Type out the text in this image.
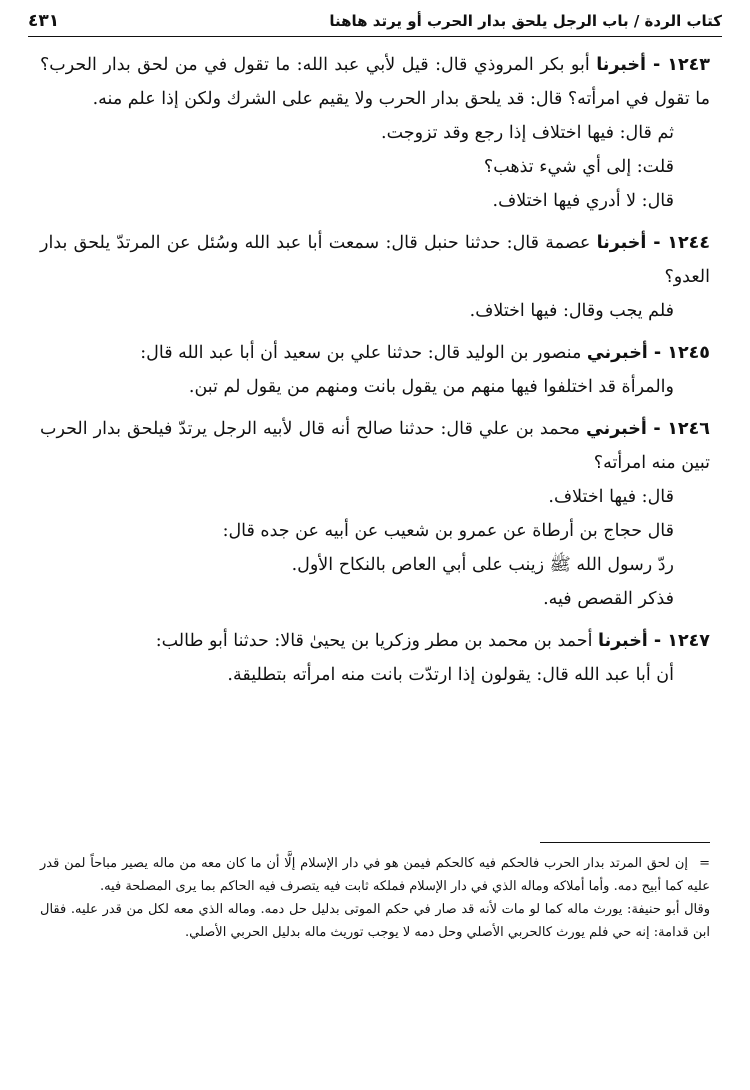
كتاب الردة / باب الرجل يلحق بدار الحرب أو يرتد هاهنا
٤٣١

١٢٤٣ - أخبرنا أبو بكر المروذي قال: قيل لأبي عبد الله: ما تقول في من لحق بدار الحرب؟ ما تقول في امرأته؟ قال: قد يلحق بدار الحرب ولا يقيم على الشرك ولكن إذا علم منه.

ثم قال: فيها اختلاف إذا رجع وقد تزوجت.

قلت: إلى أي شيء تذهب؟

قال: لا أدري فيها اختلاف.

١٢٤٤ - أخبرنا عصمة قال: حدثنا حنبل قال: سمعت أبا عبد الله وسُئل عن المرتدّ يلحق بدار العدو؟

فلم يجب وقال: فيها اختلاف.

١٢٤٥ - أخبرني منصور بن الوليد قال: حدثنا علي بن سعيد أن أبا عبد الله قال:

والمرأة قد اختلفوا فيها منهم من يقول بانت ومنهم من يقول لم تبن.

١٢٤٦ - أخبرني محمد بن علي قال: حدثنا صالح أنه قال لأبيه الرجل يرتدّ فيلحق بدار الحرب تبين منه امرأته؟

قال: فيها اختلاف.

قال حجاج بن أرطاة عن عمرو بن شعيب عن أبيه عن جده قال:

ردّ رسول الله ﷺ زينب على أبي العاص بالنكاح الأول.

فذكر القصص فيه.

١٢٤٧ - أخبرنا أحمد بن محمد بن مطر وزكريا بن يحيىٰ قالا: حدثنا أبو طالب:

أن أبا عبد الله قال: يقولون إذا ارتدّت بانت منه امرأته بتطليقة.

=إن لحق المرتد بدار الحرب فالحكم فيه كالحكم فيمن هو في دار الإسلام إلَّا أن ما كان معه من ماله يصير مباحاً لمن قدر عليه كما أبيح دمه. وأما أملاكه وماله الذي في دار الإسلام فملكه ثابت فيه يتصرف فيه الحاكم بما يرى المصلحة فيه.

وقال أبو حنيفة: يورث ماله كما لو مات لأنه قد صار في حكم الموتى بدليل حل دمه. وماله الذي معه لكل من قدر عليه. فقال ابن قدامة: إنه حي فلم يورث كالحربي الأصلي وحل دمه لا يوجب توريث ماله بدليل الحربي الأصلي.
